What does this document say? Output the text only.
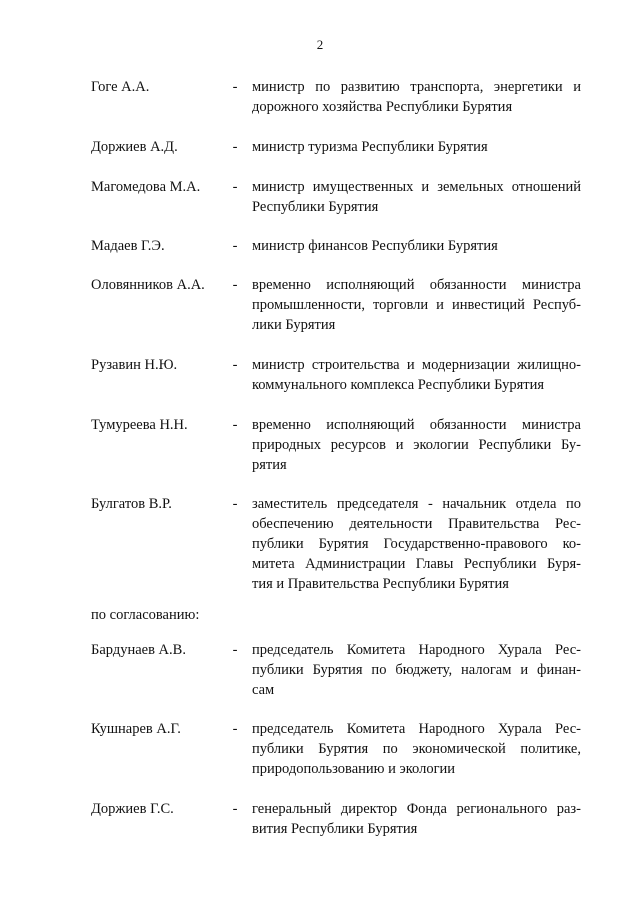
2
Гоге А.А.	- министр по развитию транспорта, энергетики и
дорожного хозяйства Республики Бурятия
Доржиев А.Д.	- министр туризма Республики Бурятия
Магомедова М.А.	- министр имущественных и земельных отношений
Республики Бурятия
Мадаев Г.Э.	- министр финансов Республики Бурятия
Оловянников А.А.	- временно исполняющий обязанности министра
промышленности, торговли и инвестиций Респуб-
лики Бурятия
Рузавин Н.Ю.	- министр строительства и модернизации жилищно-
коммунального комплекса Республики Бурятия
Тумуреева Н.Н.	- временно исполняющий обязанности министра
природных ресурсов и экологии Республики Бу-
рятия
Булгатов В.Р.	- заместитель председателя - начальник отдела по
обеспечению деятельности Правительства Рес-
публики Бурятия Государственно-правового ко-
митета Администрации Главы Республики Буря-
тия и Правительства Республики Бурятия
по согласованию:
Бардунаев А.В.	- председатель Комитета Народного Хурала Рес-
публики Бурятия по бюджету, налогам и финан-
сам
Кушнарев А.Г.	- председатель Комитета Народного Хурала Рес-
публики Бурятия по экономической политике,
природопользованию и экологии
Доржиев Г.С.	- генеральный директор Фонда регионального раз-
вития Республики Бурятия
